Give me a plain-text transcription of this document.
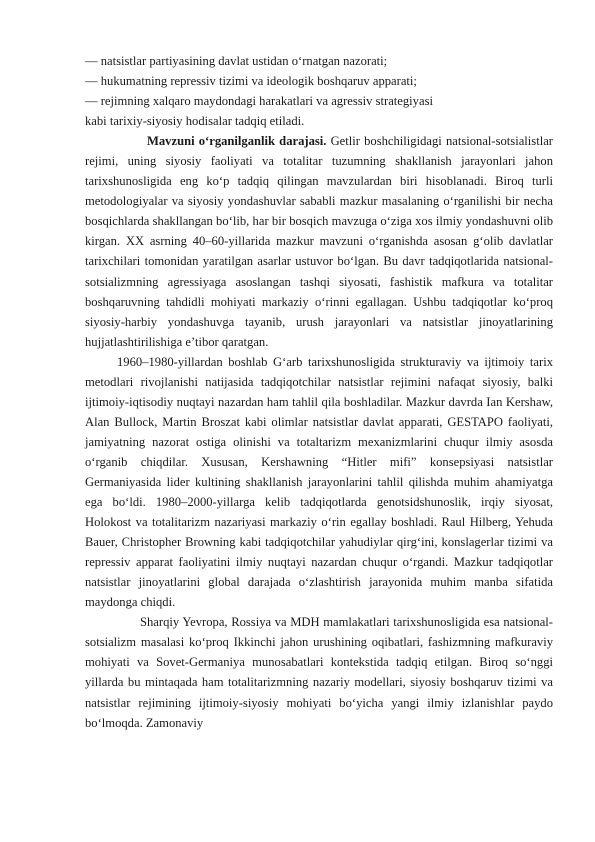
— natsistlar partiyasining davlat ustidan o‘rnatgan nazorati;

— hukumatning repressiv tizimi va ideologik boshqaruv apparati;

— rejimning xalqaro maydondagi harakatlari va agressiv strategiyasi

kabi tarixiy-siyosiy hodisalar tadqiq etiladi.

Mavzuni o‘rganilganlik darajasi. Getlir boshchiligidagi natsional-sotsialistlar rejimi, uning siyosiy faoliyati va totalitar tuzumning shakllanish jarayonlari jahon tarixshunosligida eng ko‘p tadqiq qilingan mavzulardan biri hisoblanadi. Biroq turli metodologiyalar va siyosiy yondashuvlar sababli mazkur masalaning o‘rganilishi bir necha bosqichlarda shakllangan bo‘lib, har bir bosqich mavzuga o‘ziga xos ilmiy yondashuvni olib kirgan. XX asrning 40–60-yillarida mazkur mavzuni o‘rganishda asosan g‘olib davlatlar tarixchilari tomonidan yaratilgan asarlar ustuvor bo‘lgan. Bu davr tadqiqotlarida natsional-sotsializmning agressiyaga asoslangan tashqi siyosati, fashistik mafkura va totalitar boshqaruvning tahdidli mohiyati markaziy o‘rinni egallagan. Ushbu tadqiqotlar ko‘proq siyosiy-harbiy yondashuvga tayanib, urush jarayonlari va natsistlar jinoyatlarining hujjatlashtirilishiga e’tibor qaratgan.

1960–1980-yillardan boshlab G‘arb tarixshunosligida strukturaviy va ijtimoiy tarix metodlari rivojlanishi natijasida tadqiqotchilar natsistlar rejimini nafaqat siyosiy, balki ijtimoiy-iqtisodiy nuqtayi nazardan ham tahlil qila boshladilar. Mazkur davrda Ian Kershaw, Alan Bullock, Martin Broszat kabi olimlar natsistlar davlat apparati, GESTAPO faoliyati, jamiyatning nazorat ostiga olinishi va totaltarizm mexanizmlarini chuqur ilmiy asosda o‘rganib chiqdilar. Xususan, Kershawning “Hitler mifi” konsepsiyasi natsistlar Germaniyasida lider kultining shakllanish jarayonlarini tahlil qilishda muhim ahamiyatga ega bo‘ldi. 1980–2000-yillarga kelib tadqiqotlarda genotsidshunoslik, irqiy siyosat, Holokost va totalitarizm nazariyasi markaziy o‘rin egallay boshladi. Raul Hilberg, Yehuda Bauer, Christopher Browning kabi tadqiqotchilar yahudiylar qirg‘ini, konslagerlar tizimi va repressiv apparat faoliyatini ilmiy nuqtayi nazardan chuqur o‘rgandi. Mazkur tadqiqotlar natsistlar jinoyatlarini global darajada o‘zlashtirish jarayonida muhim manba sifatida maydonga chiqdi.

Sharqiy Yevropa, Rossiya va MDH mamlakatlari tarixshunosligida esa natsional-sotsializm masalasi ko‘proq Ikkinchi jahon urushining oqibatlari, fashizmning mafkuraviy mohiyati va Sovet-Germaniya munosabatlari kontekstida tadqiq etilgan. Biroq so‘nggi yillarda bu mintaqada ham totalitarizmning nazariy modellari, siyosiy boshqaruv tizimi va natsistlar rejimining ijtimoiy-siyosiy mohiyati bo‘yicha yangi ilmiy izlanishlar paydo bo‘lmoqda. Zamonaviy
